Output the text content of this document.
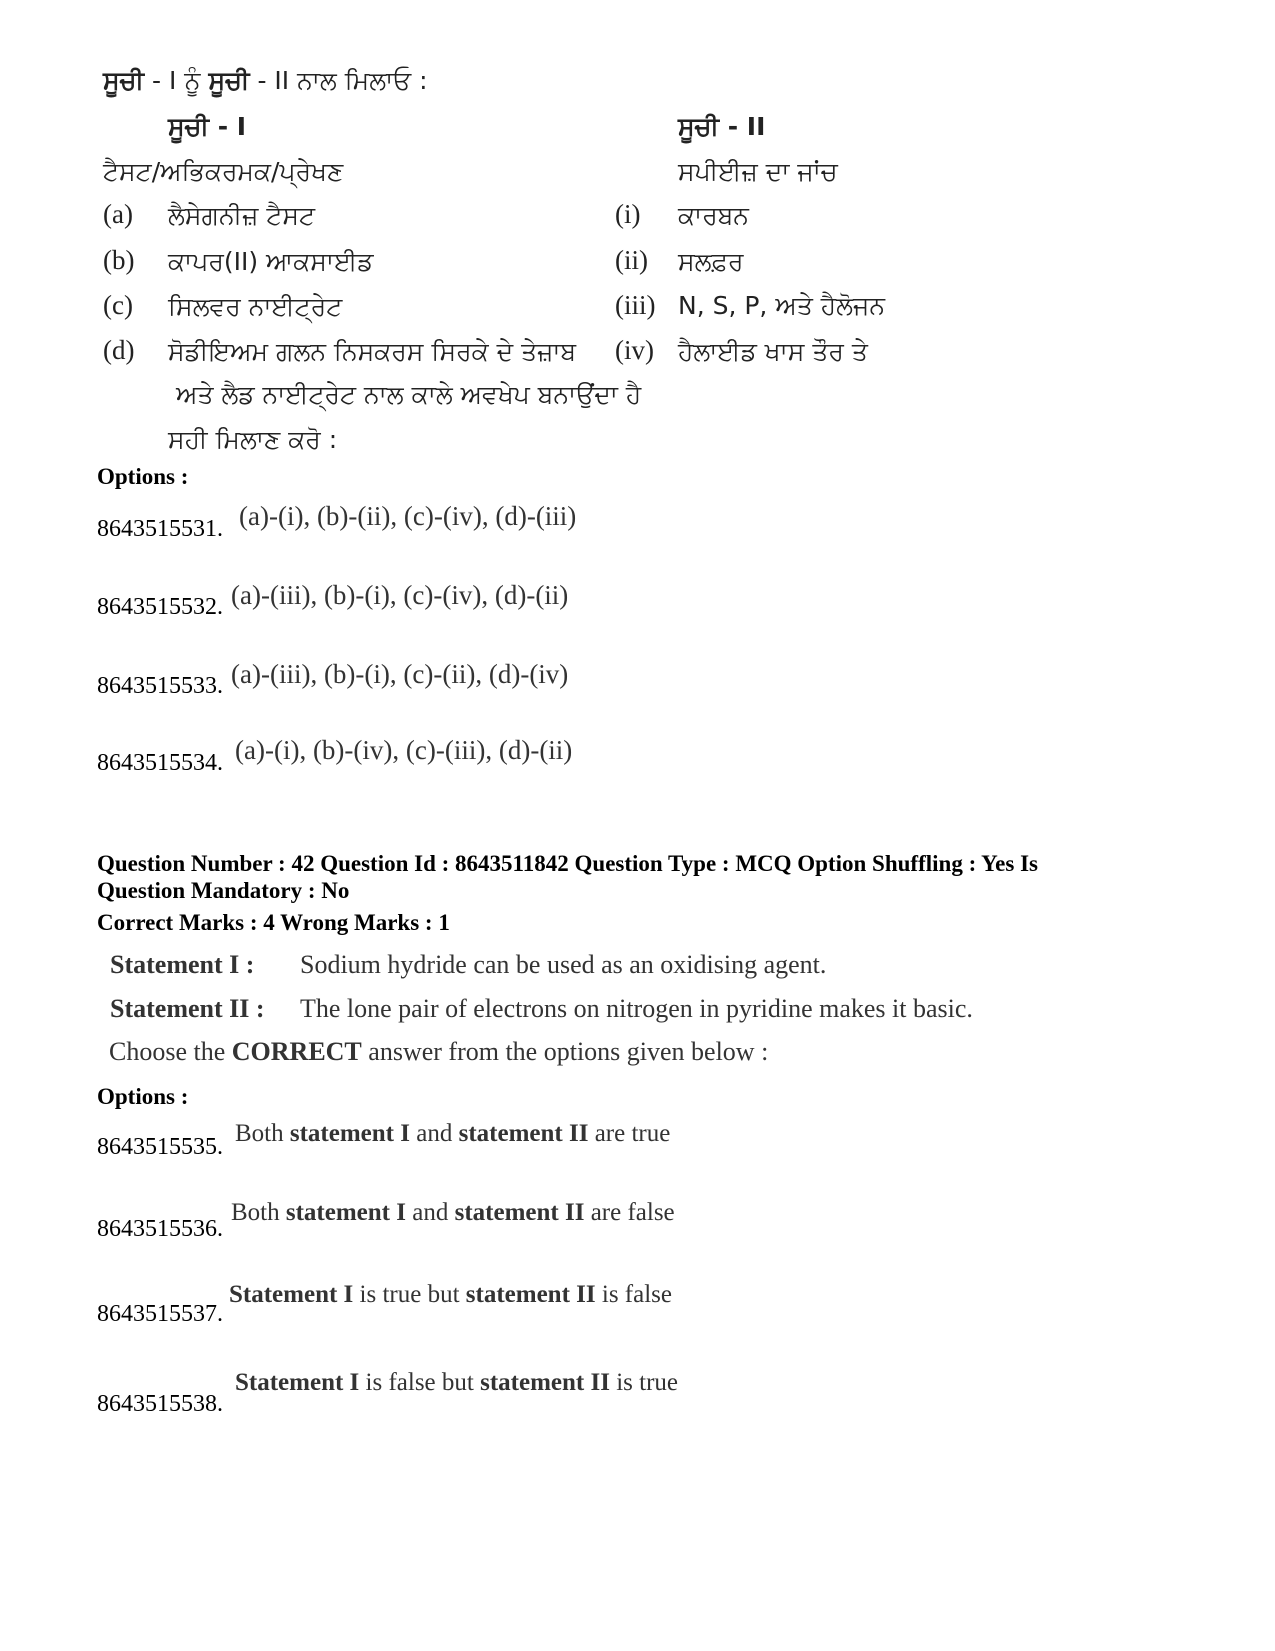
ਸੂਚੀ - I ਨੂੰ ਸੂਚੀ - II ਨਾਲ ਮਿਲਾਓ :
ਸੂਚੀ - I	ਸੂਚੀ - II
ਟੈਸਟ/ਅਭਿਕਰਮਕ/ਪ੍ਰੇਖਣ	ਸਪੀਈਜ਼ ਦਾ ਜਾਂਚ
(a) ਲੈਸੇਗਨੀਜ਼ ਟੈਸਟ
(b) ਕਾਪਰ(II) ਆਕਸਾਈਡ
(c) ਸਿਲਵਰ ਨਾਈਟ੍ਰੇਟ
(d) ਸੋਡੀਇਅਮ ਗਲਨ ਨਿਸਕਰਸ ਸਿਰਕੇ ਦੇ ਤੇਜ਼ਾਬ
ਅਤੇ ਲੈਡ ਨਾਈਟ੍ਰੇਟ ਨਾਲ ਕਾਲੇ ਅਵਖੇਪ ਬਨਾਉਂਦਾ ਹੈ
(i) ਕਾਰਬਨ
(ii) ਸਲਫ਼ਰ
(iii) N, S, P, ਅਤੇ ਹੈਲੋਜਨ
(iv) ਹੈਲਾਈਡ ਖਾਸ ਤੌਰ ਤੇ
ਸਹੀ ਮਿਲਾਣ ਕਰੋ :
Options :
8643515531. (a)-(i), (b)-(ii), (c)-(iv), (d)-(iii)
8643515532. (a)-(iii), (b)-(i), (c)-(iv), (d)-(ii)
8643515533. (a)-(iii), (b)-(i), (c)-(ii), (d)-(iv)
8643515534. (a)-(i), (b)-(iv), (c)-(iii), (d)-(ii)
Question Number : 42 Question Id : 8643511842 Question Type : MCQ Option Shuffling : Yes Is
Question Mandatory : No
Correct Marks : 4 Wrong Marks : 1
Statement I : Sodium hydride can be used as an oxidising agent.
Statement II : The lone pair of electrons on nitrogen in pyridine makes it basic.
Choose the CORRECT answer from the options given below :
Options :
8643515535. Both statement I and statement II are true
8643515536.
Both statement I and statement II are false
8643515537.
Statement I is true but statement II is false
8643515538.
Statement I is false but statement II is true
